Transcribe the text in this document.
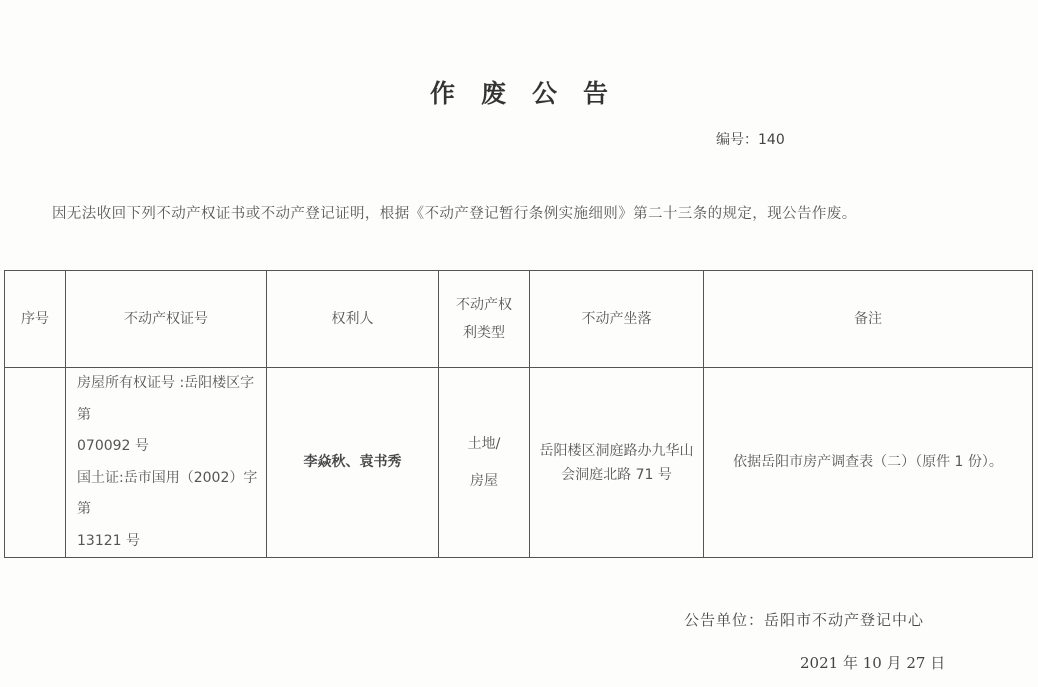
作废公告
编号：140
因无法收回下列不动产权证书或不动产登记证明，根据《不动产登记暂行条例实施细则》第二十三条的规定，现公告作废。
序号	不动产权证号	权利人	不动产权
利类型	不动产坐落	备注

	房屋所有权证号 :岳阳楼区字第
070092 号
国土证:岳市国用（2002）字第
13121 号	李焱秋、袁书秀	土地/
房屋	岳阳楼区洞庭路办九华山
会洞庭北路 71 号	依据岳阳市房产调查表（二）（原件 1 份）。
公告单位：岳阳市不动产登记中心
2021 年 10 月 27 日
